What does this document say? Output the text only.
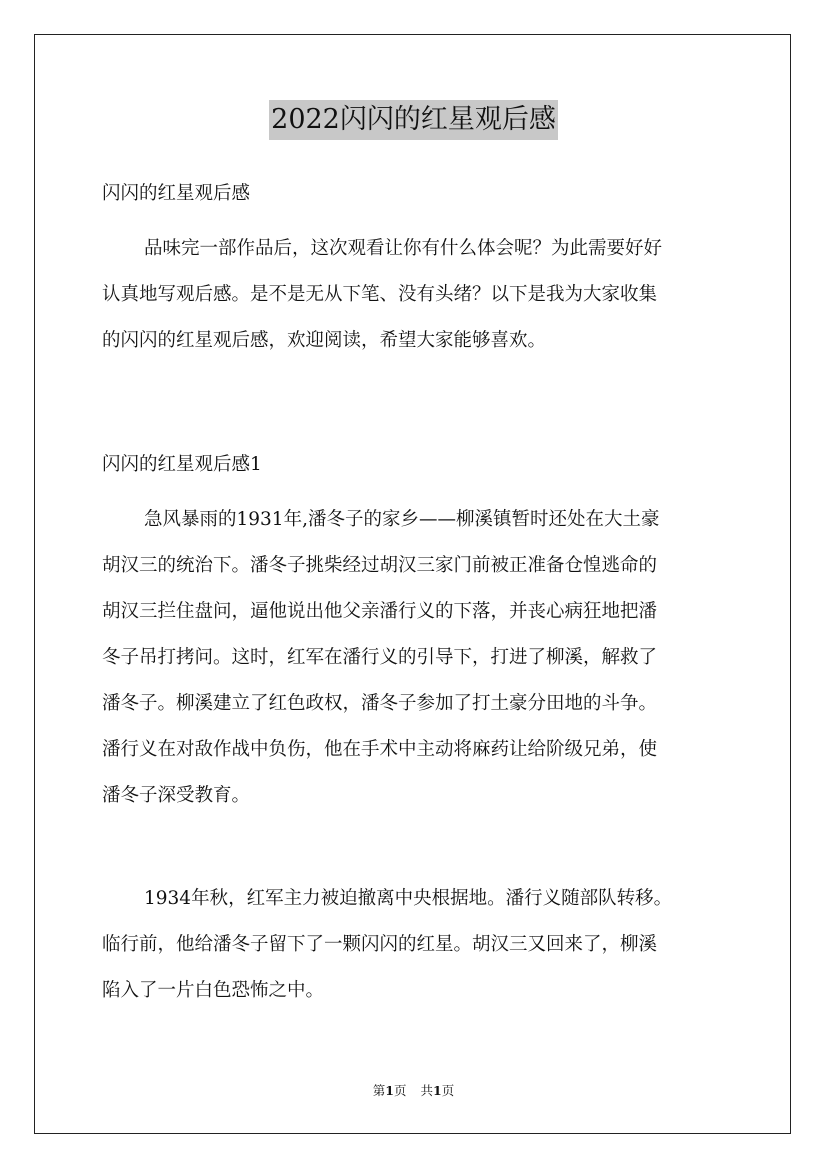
2022闪闪的红星观后感
闪闪的红星观后感
品味完一部作品后，这次观看让你有什么体会呢？为此需要好好
认真地写观后感。是不是无从下笔、没有头绪？以下是我为大家收集
的闪闪的红星观后感，欢迎阅读，希望大家能够喜欢。
闪闪的红星观后感1
急风暴雨的1931年,潘冬子的家乡——柳溪镇暂时还处在大土豪
胡汉三的统治下。潘冬子挑柴经过胡汉三家门前被正准备仓惶逃命的
胡汉三拦住盘问，逼他说出他父亲潘行义的下落，并丧心病狂地把潘
冬子吊打拷问。这时，红军在潘行义的引导下，打进了柳溪，解救了
潘冬子。柳溪建立了红色政权，潘冬子参加了打土豪分田地的斗争。
潘行义在对敌作战中负伤，他在手术中主动将麻药让给阶级兄弟，使
潘冬子深受教育。
1934年秋，红军主力被迫撤离中央根据地。潘行义随部队转移。
临行前，他给潘冬子留下了一颗闪闪的红星。胡汉三又回来了，柳溪
陷入了一片白色恐怖之中。
第1页 共1页
